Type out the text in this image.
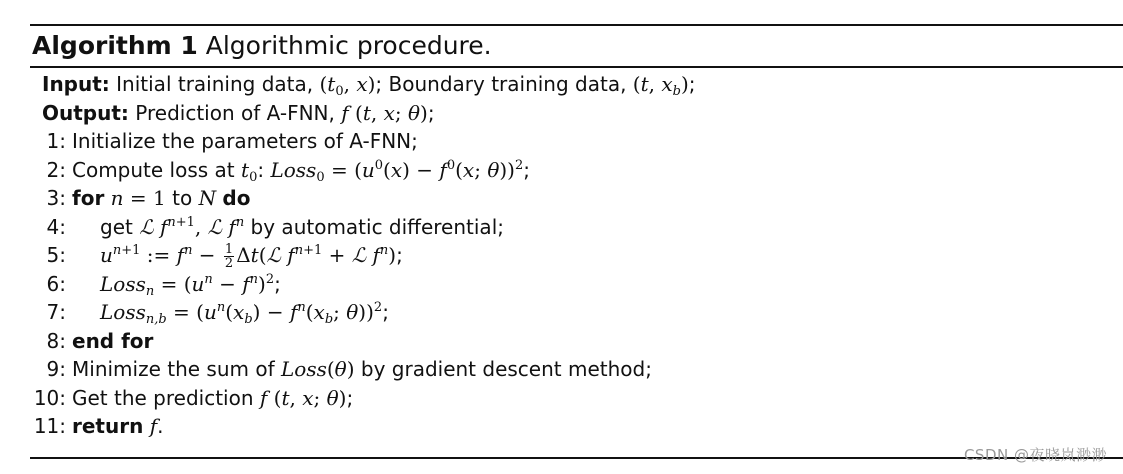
Algorithm 1 Algorithmic procedure.
Input: Initial training data, ($t_0$, x); Boundary training data, (t, $x_b$);
Output: Prediction of A-FNN, f (t, x; θ);
1: Initialize the parameters of A-FNN;
2: Compute loss at $t_0$: Loss$_0$ = ($u^0(x) - f^0(x$; θ))$^2$;
3: for n = 1 to N do
4:	get ℒ $f^{n+1}$, ℒ $f^n$ by automatic differential;
5:	$u^{n+1}$ := $f^n - \frac{1}{2}$ Δt(ℒ $f^{n+1}$ + ℒ $f^n$);
6:	Loss$_n$ = $(u^n - f^n)^2$;
7:	Loss$_{n,b}$ = ($u^n(x_b) - f^n(x_b$; θ))$^2$;
8: end for
9: Minimize the sum of Loss(θ) by gradient descent method;
10: Get the prediction f (t, x; θ);
11: return f.
CSDN @夜晓岚渺渺
